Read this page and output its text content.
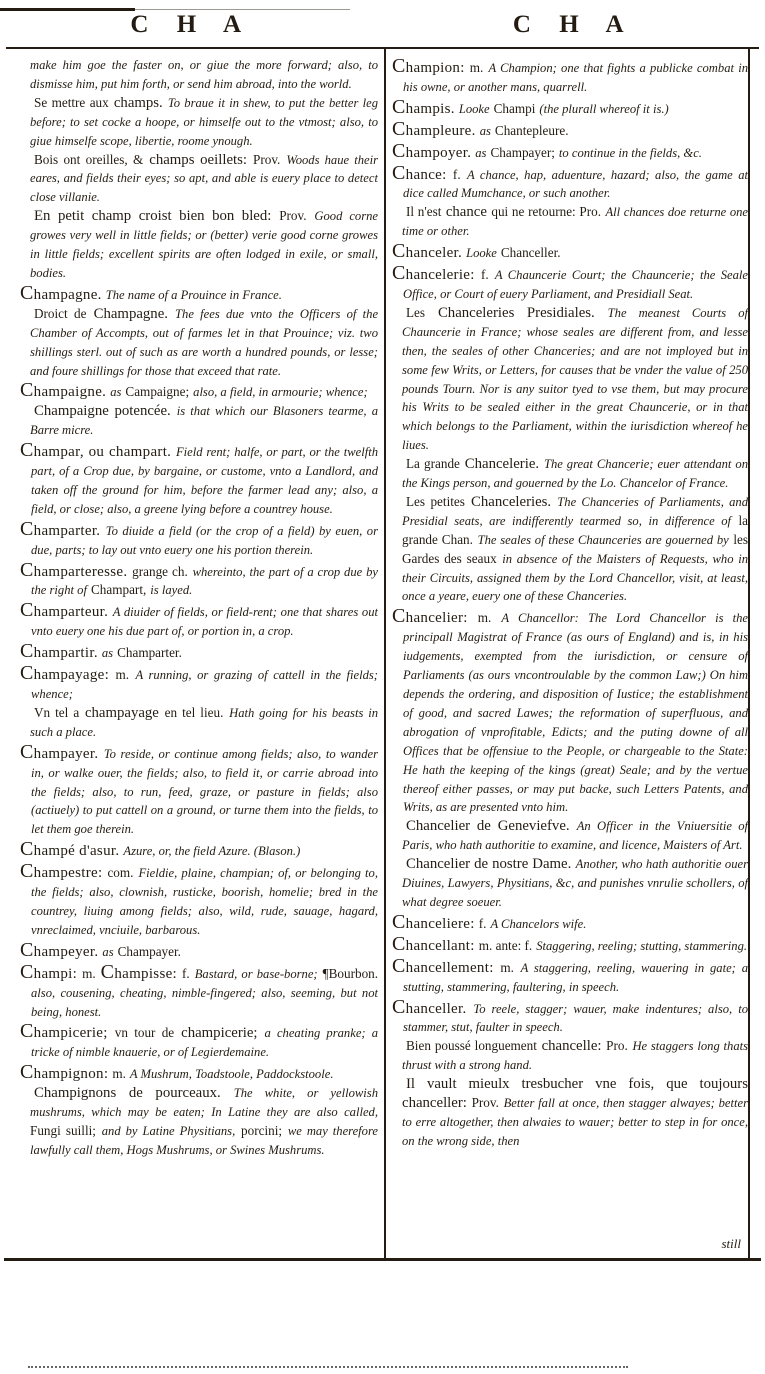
C H A	C H A

make him goe the faster on, or giue the more forward; also, to dismisse him, put him forth, or send him abroad, into the world.

Se mettre aux champs. To braue it in shew, to put the better leg before; to set cocke a hoope, or himselfe out to the vtmost; also, to giue himselfe scope, libertie, roome ynough.

Bois ont oreilles, & champs oeillets: Prov. Woods haue their eares, and fields their eyes; so apt, and able is euery place to detect close villanie.

En petit champ croist bien bon bled: Prov. Good corne growes very well in little fields; or (better) verie good corne growes in little fields; excellent spirits are often lodged in exile, or small, bodies.

Champagne. The name of a Prouince in France.

Droict de Champagne. The fees due vnto the Officers of the Chamber of Accompts, out of farmes let in that Prouince; viz. two shillings sterl. out of such as are worth a hundred pounds, or lesse; and foure shillings for those that exceed that rate.

Champaigne. as Campaigne; also, a field, in armourie; whence;

Champaigne potencée. is that which our Blasoners tearme, a Barre micre.

Champar, ou champart. Field rent; halfe, or part, or the twelfth part, of a Crop due, by bargaine, or custome, vnto a Landlord, and taken off the ground for him, before the farmer lead any; also, a field, or close; also, a greene lying before a countrey house.

Champarter. To diuide a field (or the crop of a field) by euen, or due, parts; to lay out vnto euery one his portion therein.

Champarteresse. grange ch. whereinto, the part of a crop due by the right of Champart, is layed.

Champarteur. A diuider of fields, or field-rent; one that shares out vnto euery one his due part of, or portion in, a crop.

Champartir. as Champarter.

Champayage: m. A running, or grazing of cattell in the fields; whence;

Vn tel a champayage en tel lieu. Hath going for his beasts in such a place.

Champayer. To reside, or continue among fields; also, to wander in, or walke ouer, the fields; also, to field it, or carrie abroad into the fields; also, to run, feed, graze, or pasture in fields; also (actiuely) to put cattell on a ground, or turne them into the fields, to let them goe therein.

Champé d'asur. Azure, or, the field Azure. (Blason.)

Champestre: com. Fieldie, plaine, champian; of, or belonging to, the fields; also, clownish, rusticke, boorish, homelie; bred in the countrey, liuing among fields; also, wild, rude, sauage, hagard, vnreclaimed, vnciuile, barbarous.

Champeyer. as Champayer.

Champi: m. Champisse: f. Bastard, or base-borne; ¶Bourbon. also, cousening, cheating, nimble-fingered; also, seeming, but not being, honest.

Champicerie; vn tour de champicerie; a cheating pranke; a tricke of nimble knauerie, or of Legierdemaine.

Champignon: m. A Mushrum, Toadstoole, Paddockstoole.

Champignons de pourceaux. The white, or yellowish mushrums, which may be eaten; In Latine they are also called, Fungi suilli; and by Latine Physitians, porcini; we may therefore lawfully call them, Hogs Mushrums, or Swines Mushrums.

Champion: m. A Champion; one that fights a publicke combat in his owne, or another mans, quarrell.

Champis. Looke Champi (the plurall whereof it is.)

Champleure. as Chantepleure.

Champoyer. as Champayer; to continue in the fields, &c.

Chance: f. A chance, hap, aduenture, hazard; also, the game at dice called Mumchance, or such another.

Il n'est chance qui ne retourne: Pro. All chances doe returne one time or other.

Chanceler. Looke Chanceller.

Chancelerie: f. A Chauncerie Court; the Chauncerie; the Seale Office, or Court of euery Parliament, and Presidiall Seat.

Les Chanceleries Presidiales. The meanest Courts of Chauncerie in France; whose seales are different from, and lesse then, the seales of other Chanceries; and are not imployed but in some few Writs, or Letters, for causes that be vnder the value of 250 pounds Tourn. Nor is any suitor tyed to vse them, but may procure his Writs to be sealed either in the great Chauncerie, or in that which belongs to the Parliament, within the iurisdiction whereof he liues.

La grande Chancelerie. The great Chancerie; euer attendant on the Kings person, and gouerned by the Lo. Chancelor of France.

Les petites Chanceleries. The Chanceries of Parliaments, and Presidial seats, are indifferently tearmed so, in difference of la grande Chan. The seales of these Chaunceries are gouerned by les Gardes des seaux in absence of the Maisters of Requests, who in their Circuits, assigned them by the Lord Chancellor, visit, at least, once a yeare, euery one of these Chanceries.

Chancelier: m. A Chancellor: The Lord Chancellor is the principall Magistrat of France (as ours of England) and is, in his iudgements, exempted from the iurisdiction, or censure of Parliaments (as ours vncontroulable by the common Law;) On him depends the ordering, and disposition of Iustice; the establishment of good, and sacred Lawes; the reformation of superfluous, and abrogation of vnprofitable, Edicts; and the puting downe of all Offices that be offensiue to the People, or chargeable to the State: He hath the keeping of the kings (great) Seale; and by the vertue thereof either passes, or may put backe, such Letters Patents, and Writs, as are presented vnto him.

Chancelier de Geneviefve. An Officer in the Vniuersitie of Paris, who hath authoritie to examine, and licence, Maisters of Art.

Chancelier de nostre Dame. Another, who hath authoritie ouer Diuines, Lawyers, Physitians, &c, and punishes vnrulie schollers, of what degree soeuer.

Chanceliere: f. A Chancelors wife.

Chancellant: m. ante: f. Staggering, reeling; stutting, stammering.

Chancellement: m. A staggering, reeling, wauering in gate; a stutting, stammering, faultering, in speech.

Chanceller. To reele, stagger; wauer, make indentures; also, to stammer, stut, faulter in speech.

Bien poussé longuement chancelle: Pro. He staggers long thats thrust with a strong hand.

Il vault mieulx tresbucher vne fois, que toujours chanceller: Prov. Better fall at once, then stagger alwayes; better to erre altogether, then alwaies to wauer; better to step in for once, on the wrong side, then

still
